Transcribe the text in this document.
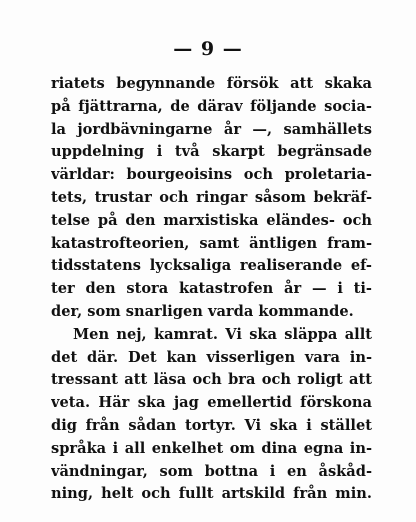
— 9 —
riatets begynnande försök att skaka
på fjättrarna, de därav följande socia-
la jordbävningarne år —, samhällets
uppdelning i två skarpt begränsade
världar: bourgeoisins och proletaria-
tets, trustar och ringar såsom bekräf-
telse på den marxistiska eländes- och
katastrofteorien, samt äntligen fram-
tidsstatens lycksaliga realiserande ef-
ter den stora katastrofen år — i ti-
der, som snarligen varda kommande.
Men nej, kamrat. Vi ska släppa allt
det där. Det kan visserligen vara in-
tressant att läsa och bra och roligt att
veta. Här ska jag emellertid förskona
dig från sådan tortyr. Vi ska i stället
språka i all enkelhet om dina egna in-
vändningar, som bottna i en åskåd-
ning, helt och fullt artskild från min.
